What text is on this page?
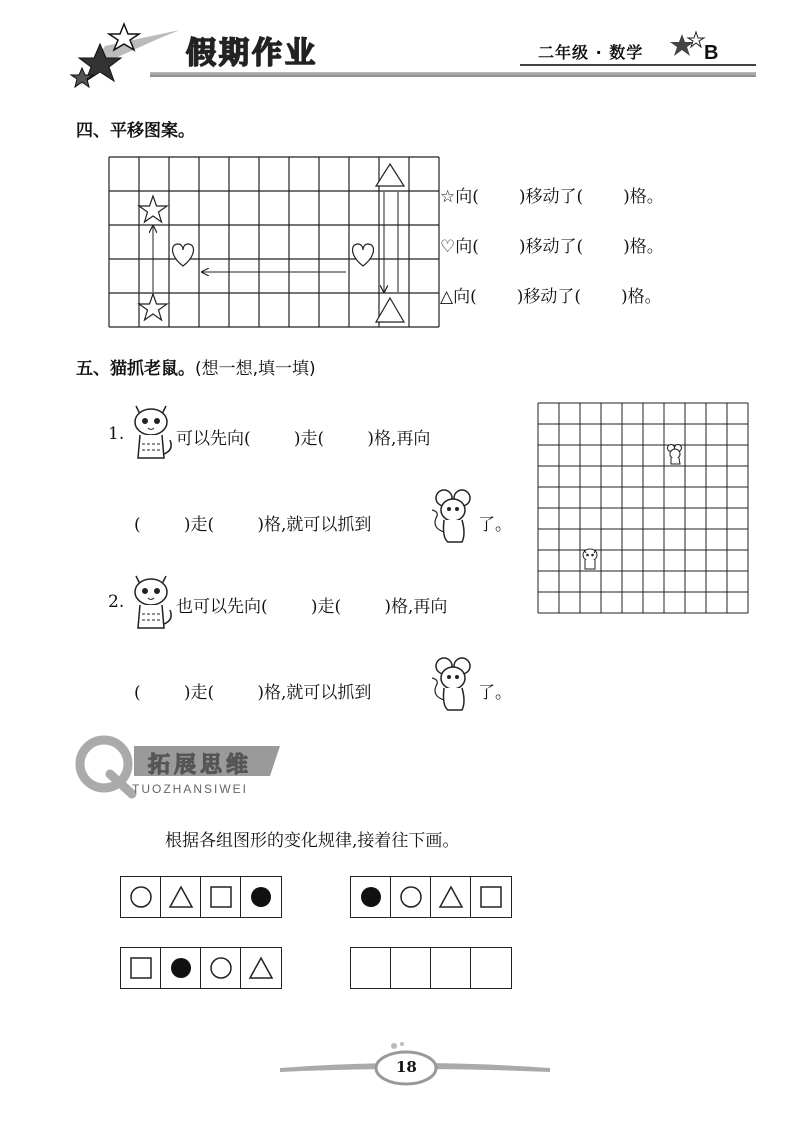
假期作业	二年级 · 数学	B
四、平移图案。
☆向( )移动了( )格。
♡向( )移动了( )格。
△向( )移动了( )格。
五、猫抓老鼠。(想一想,填一填)
1.	可以先向(        )走(        )格,再向
(        )走(        )格,就可以抓到	了。
2.	也可以先向(        )走(        )格,再向
(        )走(        )格,就可以抓到	了。
拓展思维
TUOZHANSIWEI
根据各组图形的变化规律,接着往下画。
18
